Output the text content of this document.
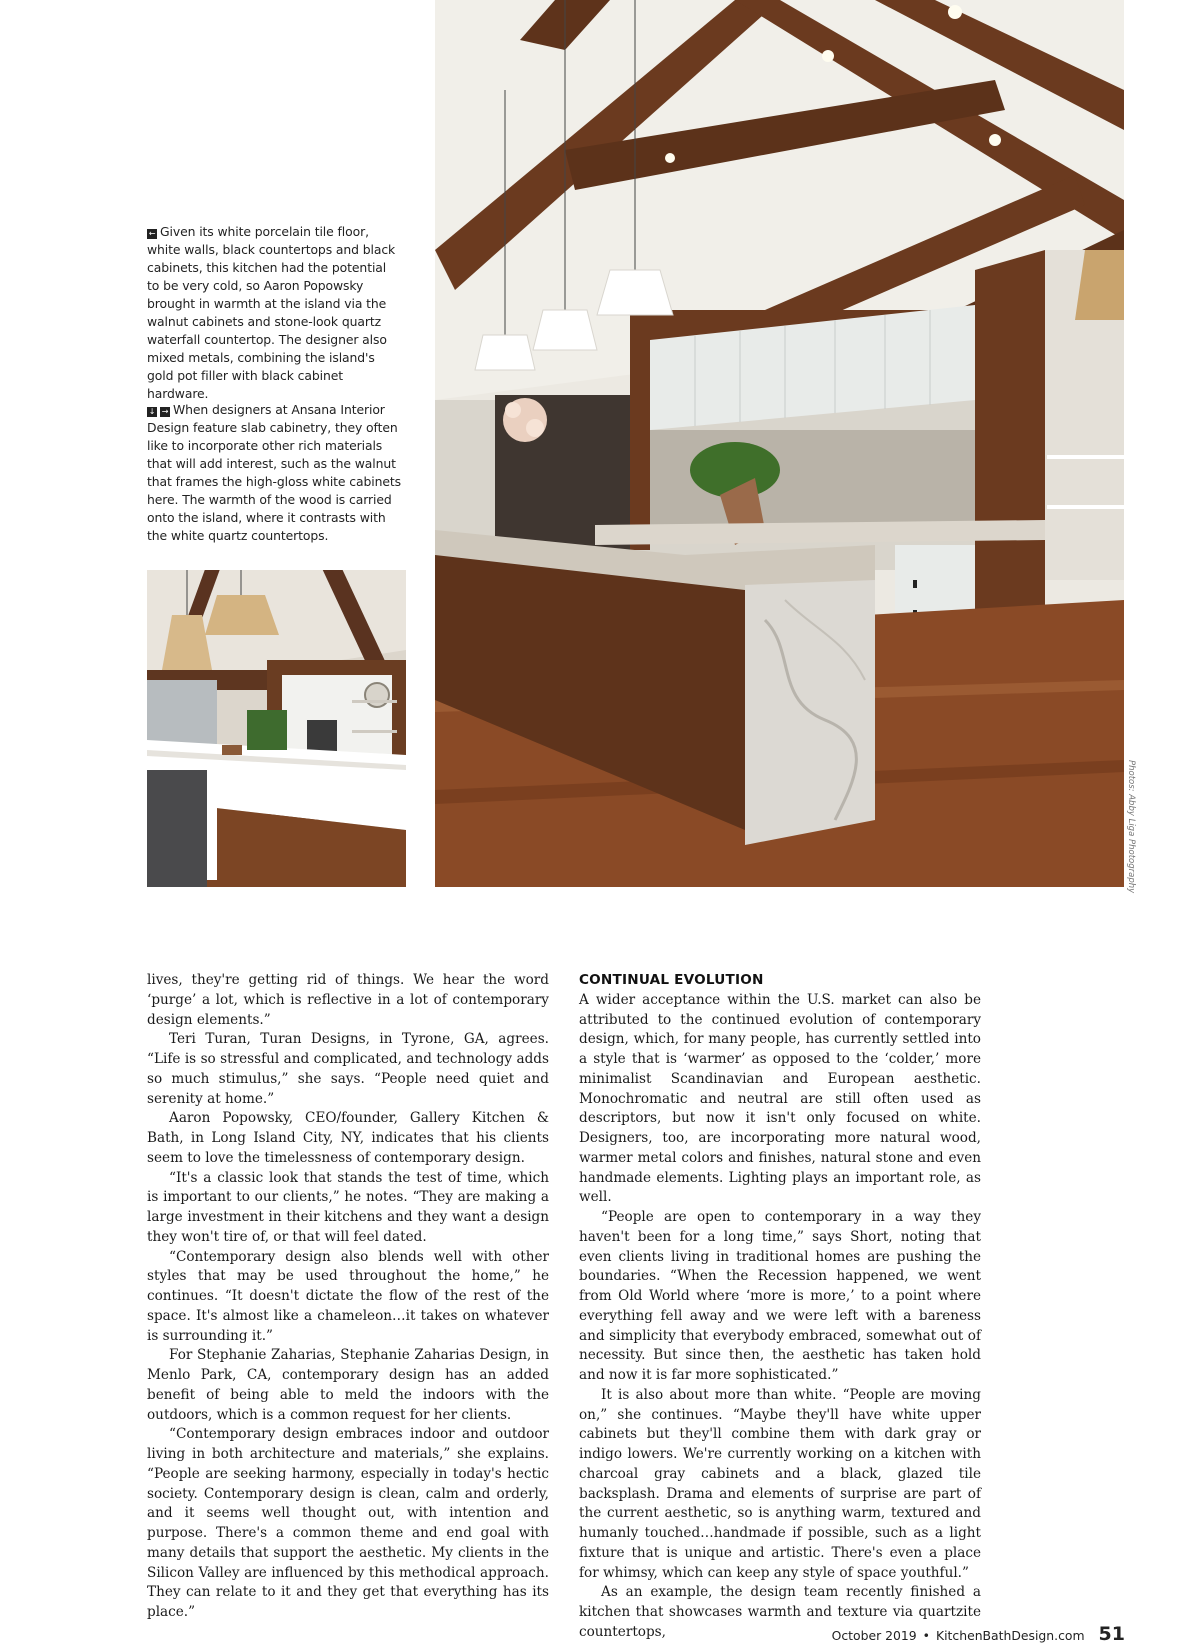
← Given its white porcelain tile floor, white walls, black countertops and black cabinets, this kitchen had the potential to be very cold, so Aaron Popowsky brought in warmth at the island via the walnut cabinets and stone-look quartz waterfall countertop. The designer also mixed metals, combining the island's gold pot filler with black cabinet hardware.

↓ → When designers at Ansana Interior Design feature slab cabinetry, they often like to incorporate other rich materials that will add interest, such as the walnut that frames the high-gloss white cabinets here. The warmth of the wood is carried onto the island, where it contrasts with the white quartz countertops.

Photos: Abby Liga Photography

lives, they're getting rid of things. We hear the word ‘purge’ a lot, which is reflective in a lot of contemporary design elements.”

Teri Turan, Turan Designs, in Tyrone, GA, agrees. “Life is so stressful and complicated, and technology adds so much stimulus,” she says. “People need quiet and serenity at home.”

Aaron Popowsky, CEO/founder, Gallery Kitchen & Bath, in Long Island City, NY, indicates that his clients seem to love the timelessness of contemporary design.

“It's a classic look that stands the test of time, which is important to our clients,” he notes. “They are making a large investment in their kitchens and they want a design they won't tire of, or that will feel dated.

“Contemporary design also blends well with other styles that may be used throughout the home,” he continues. “It doesn't dictate the flow of the rest of the space. It's almost like a chameleon…it takes on whatever is surrounding it.”

For Stephanie Zaharias, Stephanie Zaharias Design, in Menlo Park, CA, contemporary design has an added benefit of being able to meld the indoors with the outdoors, which is a common request for her clients.

“Contemporary design embraces indoor and outdoor living in both architecture and materials,” she explains. “People are seeking harmony, especially in today's hectic society. Contemporary design is clean, calm and orderly, and it seems well thought out, with intention and purpose. There's a common theme and end goal with many details that support the aesthetic. My clients in the Silicon Valley are influenced by this methodical approach. They can relate to it and they get that everything has its place.”

CONTINUAL EVOLUTION

A wider acceptance within the U.S. market can also be attributed to the continued evolution of contemporary design, which, for many people, has currently settled into a style that is ‘warmer’ as opposed to the ‘colder,’ more minimalist Scandinavian and European aesthetic. Monochromatic and neutral are still often used as descriptors, but now it isn't only focused on white. Designers, too, are incorporating more natural wood, warmer metal colors and finishes, natural stone and even handmade elements. Lighting plays an important role, as well.

“People are open to contemporary in a way they haven't been for a long time,” says Short, noting that even clients living in traditional homes are pushing the boundaries. “When the Recession happened, we went from Old World where ‘more is more,’ to a point where everything fell away and we were left with a bareness and simplicity that everybody embraced, somewhat out of necessity. But since then, the aesthetic has taken hold and now it is far more sophisticated.”

It is also about more than white. “People are moving on,” she continues. “Maybe they'll have white upper cabinets but they'll combine them with dark gray or indigo lowers. We're currently working on a kitchen with charcoal gray cabinets and a black, glazed tile backsplash. Drama and elements of surprise are part of the current aesthetic, so is anything warm, textured and humanly touched…handmade if possible, such as a light fixture that is unique and artistic. There's even a place for whimsy, which can keep any style of space youthful.”

As an example, the design team recently finished a kitchen that showcases warmth and texture via quartzite countertops,	October 2019 • KitchenBathDesign.com 51
